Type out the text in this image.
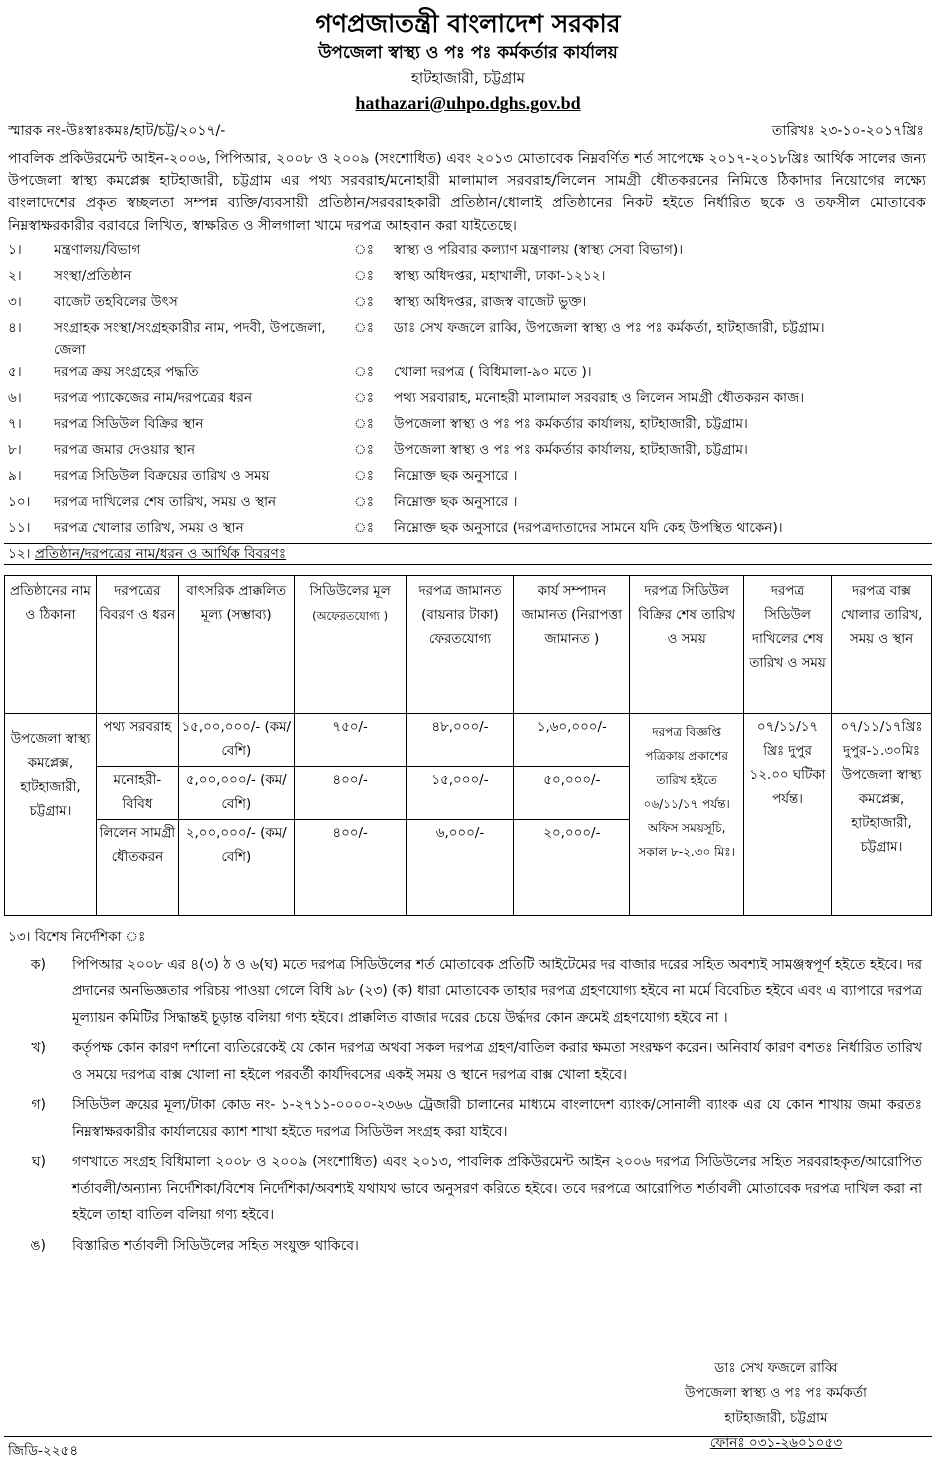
গণপ্রজাতন্ত্রী বাংলাদেশ সরকার
উপজেলা স্বাস্থ্য ও পঃ পঃ কর্মকর্তার কার্যালয়
হাটহাজারী, চট্টগ্রাম
hathazari@uhpo.dghs.gov.bd
স্মারক নং-উঃস্বাঃকমঃ/হাট/চট্ট/২০১৭/-	তারিখঃ ২৩-১০-২০১৭খ্রিঃ
পাবলিক প্রকিউরমেন্ট আইন-২০০৬, পিপিআর, ২০০৮ ও ২০০৯ (সংশোধিত) এবং ২০১৩ মোতাবেক নিম্নবর্ণিত শর্ত সাপেক্ষে ২০১৭-২০১৮খ্রিঃ আর্থিক সালের জন্য উপজেলা স্বাস্থ্য কমপ্লেক্স হাটহাজারী, চট্টগ্রাম এর পথ্য সরবরাহ/মনোহারী মালামাল সরবরাহ/লিলেন সামগ্রী ধৌতকরনের নিমিত্তে ঠিকাদার নিয়োগের লক্ষ্যে বাংলাদেশের প্রকৃত স্বচ্ছলতা সম্পন্ন ব্যক্তি/ব্যবসায়ী প্রতিষ্ঠান/সরবরাহকারী প্রতিষ্ঠান/ধোলাই প্রতিষ্ঠানের নিকট হইতে নির্ধারিত ছকে ও তফসীল মোতাবেক নিম্নস্বাক্ষরকারীর বরাবরে লিখিত, স্বাক্ষরিত ও সীলগালা খামে দরপত্র আহবান করা যাইতেছে।
১।	মন্ত্রণালয়/বিভাগ	ঃ	স্বাস্থ্য ও পরিবার কল্যাণ মন্ত্রণালয় (স্বাস্থ্য সেবা বিভাগ)।
২।	সংস্থা/প্রতিষ্ঠান	ঃ	স্বাস্থ্য অধিদপ্তর, মহাখালী, ঢাকা-১২১২।
৩।	বাজেট তহবিলের উৎস	ঃ	স্বাস্থ্য অধিদপ্তর, রাজস্ব বাজেট ভুক্ত।
৪।	সংগ্রাহক সংস্থা/সংগ্রহকারীর নাম, পদবী, উপজেলা, জেলা
ঃ	ডাঃ সেখ ফজলে রাব্বি, উপজেলা স্বাস্থ্য ও পঃ পঃ কর্মকর্তা, হাটহাজারী, চট্টগ্রাম।
৫।	দরপত্র ক্রয় সংগ্রহের পদ্ধতি	ঃ	খোলা দরপত্র ( বিধিমালা-৯০ মতে )।
৬।	দরপত্র প্যাকেজের নাম/দরপত্রের ধরন	ঃ	পথ্য সরবারাহ, মনোহরী মালামাল সরবরাহ ও লিলেন সামগ্রী ধৌতকরন কাজ।
৭।	দরপত্র সিডিউল বিক্রির স্থান	ঃ	উপজেলা স্বাস্থ্য ও পঃ পঃ কর্মকর্তার কার্যালয়, হাটহাজারী, চট্টগ্রাম।
৮।	দরপত্র জমার দেওয়ার স্থান	ঃ	উপজেলা স্বাস্থ্য ও পঃ পঃ কর্মকর্তার কার্যালয়, হাটহাজারী, চট্টগ্রাম।
৯।	দরপত্র সিডিউল বিক্রয়ের তারিখ ও সময়	ঃ	নিম্নোক্ত ছক অনুসারে ।
১০।	দরপত্র দাখিলের শেষ তারিখ, সময় ও স্থান	ঃ	নিম্নোক্ত ছক অনুসারে ।
১১।	দরপত্র খোলার তারিখ, সময় ও স্থান	ঃ	নিম্নোক্ত ছক অনুসারে (দরপত্রদাতাদের সামনে যদি কেহ উপস্থিত থাকেন)।
১২। প্রতিষ্ঠান/দরপত্রের নাম/ধরন ও আর্থিক বিবরণঃ
প্রতিষ্ঠানের নাম ও ঠিকানা	দরপত্রের বিবরণ ও ধরন	বাৎসরিক প্রাক্কলিত মূল্য (সম্ভাব্য)	সিডিউলের মূল
(অফেরতযোগ্য )	দরপত্র জামানত (বায়নার টাকা) ফেরতযোগ্য	কার্য সম্পাদন জামানত (নিরাপত্তা জামানত )	দরপত্র সিডিউল বিক্রির শেষ তারিখ ও সময়	দরপত্র সিডিউল দাখিলের শেষ তারিখ ও সময়	দরপত্র বাক্স খোলার তারিখ, সময় ও স্থান
উপজেলা স্বাস্থ্য কমপ্লেক্স, হাটহাজারী, চট্টগ্রাম।	পথ্য সরবরাহ	১৫,০০,০০০/- (কম/বেশি)	৭৫০/-	৪৮,০০০/-	১,৬০,০০০/-	দরপত্র বিজ্ঞপ্তি পত্রিকায় প্রকাশের তারিখ হইতে ০৬/১১/১৭ পর্যন্ত। অফিস সময়সূচি, সকাল ৮-২.৩০ মিঃ।	০৭/১১/১৭ খ্রিঃ দুপুর ১২.০০ ঘটিকা পর্যন্ত।	০৭/১১/১৭খ্রিঃ দুপুর-১.৩০মিঃ উপজেলা স্বাস্থ্য কমপ্লেক্স, হাটহাজারী, চট্টগ্রাম।
	মনোহরী-বিবিধ	৫,০০,০০০/- (কম/বেশি)	৪০০/-	১৫,০০০/-	৫০,০০০/-			
	লিলেন সামগ্রী ধৌতকরন	২,০০,০০০/- (কম/বেশি)	৪০০/-	৬,০০০/-	২০,০০০/-			
১৩। বিশেষ নির্দেশিকা ঃ
ক)	পিপিআর ২০০৮ এর ৪(৩) ঠ ও ৬(ঘ) মতে দরপত্র সিডিউলের শর্ত মোতাবেক প্রতিটি আইটেমের দর বাজার দরের সহিত অবশ্যই সামঞ্জস্বপূর্ণ হইতে হইবে। দর প্রদানের অনভিজ্ঞতার পরিচয় পাওয়া গেলে বিধি ৯৮ (২৩) (ক) ধারা মোতাবেক তাহার দরপত্র গ্রহণযোগ্য হইবে না মর্মে বিবেচিত হইবে এবং এ ব্যাপারে দরপত্র মূল্যায়ন কমিটির সিদ্ধান্তই চূড়ান্ত বলিয়া গণ্য হইবে। প্রাক্কলিত বাজার দরের চেয়ে উর্দ্ধদর কোন ক্রমেই গ্রহণযোগ্য হইবে না ।
খ)	কর্তৃপক্ষ কোন কারণ দর্শানো ব্যতিরেকেই যে কোন দরপত্র অথবা সকল দরপত্র গ্রহণ/বাতিল করার ক্ষমতা সংরক্ষণ করেন। অনিবার্য কারণ বশতঃ নির্ধারিত তারিখ ও সময়ে দরপত্র বাক্স খোলা না হইলে পরবর্তী কার্যদিবসের একই সময় ও স্থানে দরপত্র বাক্স খোলা হইবে।
গ)	সিডিউল ক্রয়ের মূল্য/টাকা কোড নং- ১-২৭১১-০০০০-২৩৬৬ ট্রেজারী চালানের মাধ্যমে বাংলাদেশ ব্যাংক/সোনালী ব্যাংক এর যে কোন শাখায় জমা করতঃ নিম্নস্বাক্ষরকারীর কার্যালয়ের ক্যাশ শাখা হইতে দরপত্র সিডিউল সংগ্রহ করা যাইবে।
ঘ)	গণখাতে সংগ্রহ বিধিমালা ২০০৮ ও ২০০৯ (সংশোধিত) এবং ২০১৩, পাবলিক প্রকিউরমেন্ট আইন ২০০৬ দরপত্র সিডিউলের সহিত সরবরাহকৃত/আরোপিত শর্তাবলী/অন্যান্য নির্দেশিকা/বিশেষ নির্দেশিকা/অবশ্যই যথাযথ ভাবে অনুসরণ করিতে হইবে। তবে দরপত্রে আরোপিত শর্তাবলী মোতাবেক দরপত্র দাখিল করা না হইলে তাহা বাতিল বলিয়া গণ্য হইবে।
ঙ)	বিস্তারিত শর্তাবলী সিডিউলের সহিত সংযুক্ত থাকিবে।
ডাঃ সেখ ফজলে রাব্বি
উপজেলা স্বাস্থ্য ও পঃ পঃ কর্মকর্তা
হাটহাজারী, চট্টগ্রাম
ফোনঃ ০৩১-২৬০১০৫৩
জিডি-২২৫৪
